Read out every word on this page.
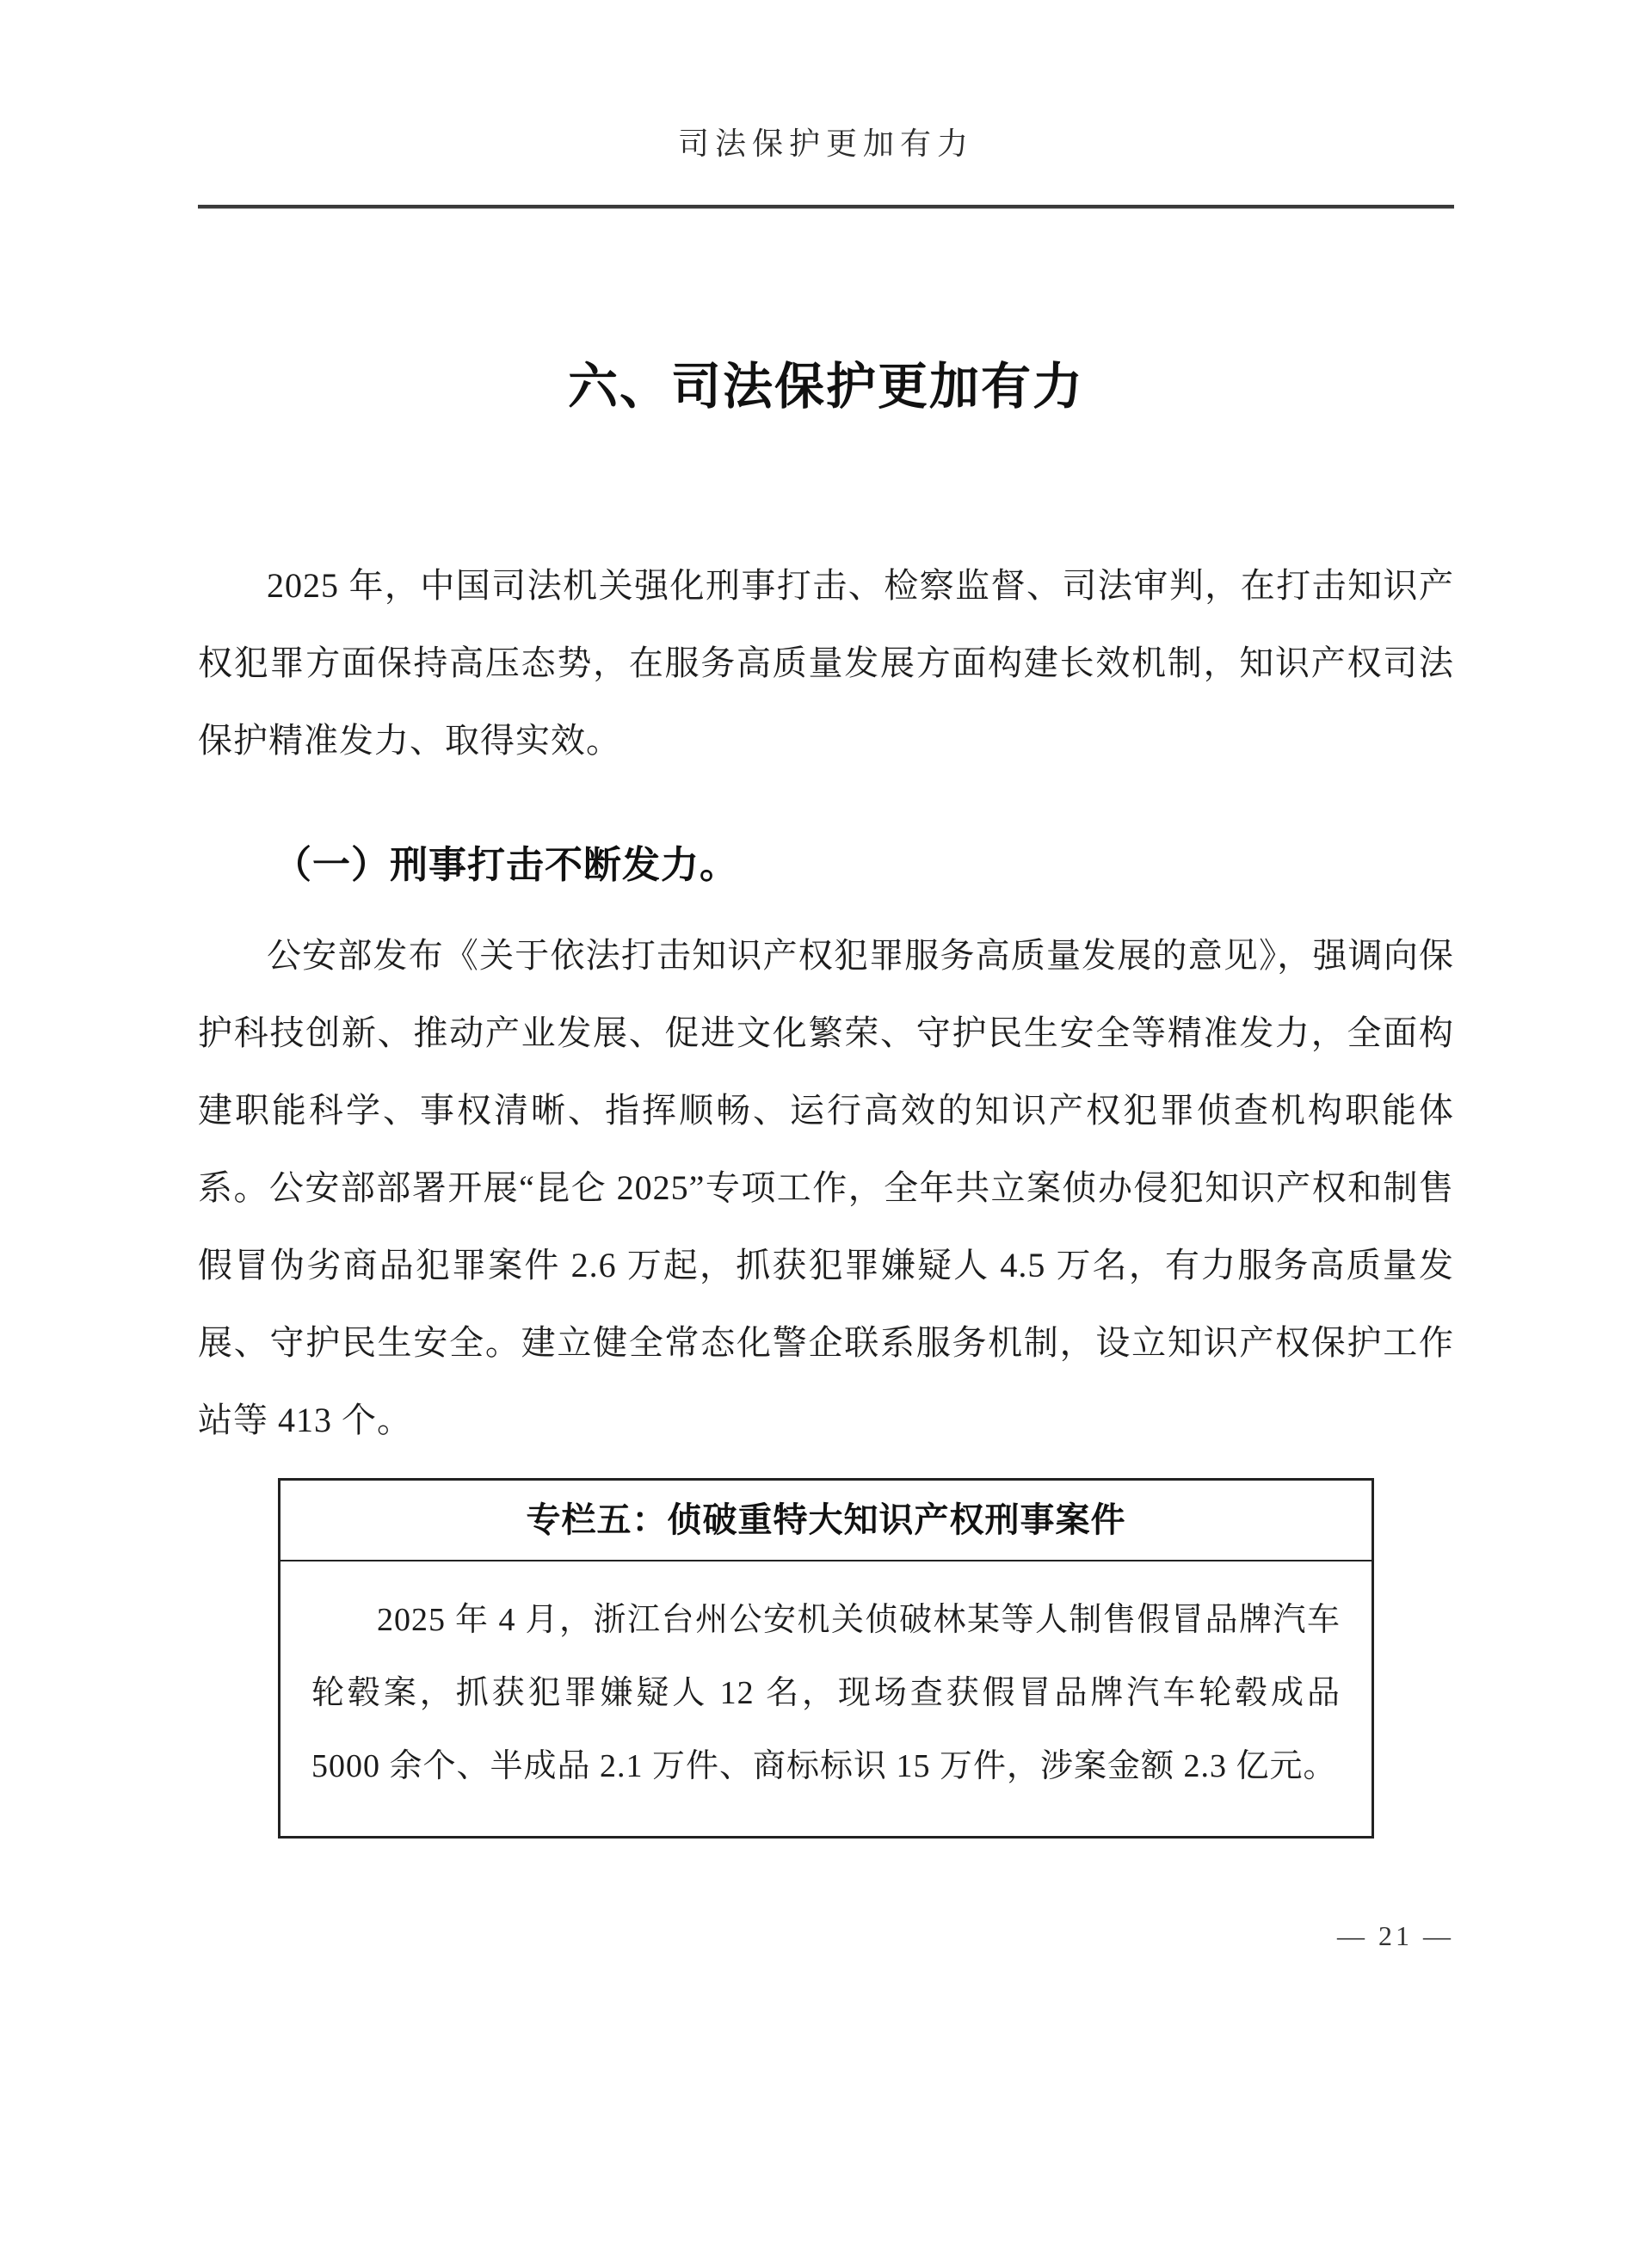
司法保护更加有力
六、司法保护更加有力

2025 年，中国司法机关强化刑事打击、检察监督、司法审判，在打击知识产权犯罪方面保持高压态势，在服务高质量发展方面构建长效机制，知识产权司法保护精准发力、取得实效。

（一）刑事打击不断发力。

公安部发布《关于依法打击知识产权犯罪服务高质量发展的意见》，强调向保护科技创新、推动产业发展、促进文化繁荣、守护民生安全等精准发力，全面构建职能科学、事权清晰、指挥顺畅、运行高效的知识产权犯罪侦查机构职能体系。公安部部署开展“昆仑 2025”专项工作，全年共立案侦办侵犯知识产权和制售假冒伪劣商品犯罪案件 2.6 万起，抓获犯罪嫌疑人 4.5 万名，有力服务高质量发展、守护民生安全。建立健全常态化警企联系服务机制，设立知识产权保护工作站等 413 个。

专栏五：侦破重特大知识产权刑事案件

2025 年 4 月，浙江台州公安机关侦破林某等人制售假冒品牌汽车轮毂案，抓获犯罪嫌疑人 12 名，现场查获假冒品牌汽车轮毂成品 5000 余个、半成品 2.1 万件、商标标识 15 万件，涉案金额 2.3 亿元。

— 21 —
